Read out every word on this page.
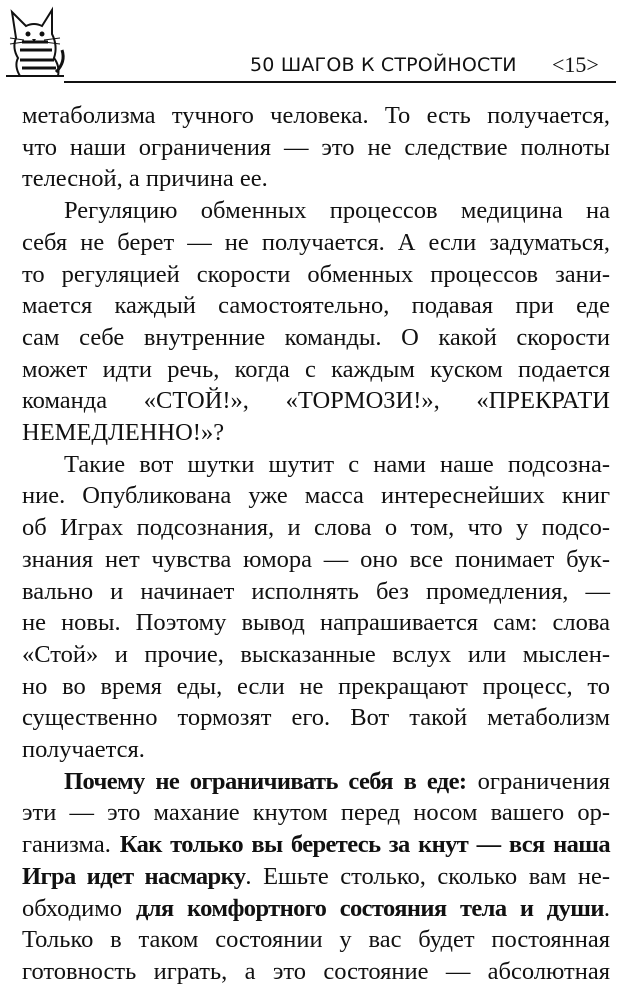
50 ШАГОВ К СТРОЙНОСТИ <15>
метаболизма тучного человека. То есть получается,
что наши ограничения — это не следствие полноты
телесной, а причина ее.
Регуляцию обменных процессов медицина на
себя не берет — не получается. А если задуматься,
то регуляцией скорости обменных процессов зани-
мается каждый самостоятельно, подавая при еде
сам себе внутренние команды. О какой скорости
может идти речь, когда с каждым куском подается
команда «СТОЙ!», «ТОРМОЗИ!», «ПРЕКРАТИ
НЕМЕДЛЕННО!»?
Такие вот шутки шутит с нами наше подсозна-
ние. Опубликована уже масса интереснейших книг
об Играх подсознания, и слова о том, что у подсо-
знания нет чувства юмора — оно все понимает бук-
вально и начинает исполнять без промедления, —
не новы. Поэтому вывод напрашивается сам: слова
«Стой» и прочие, высказанные вслух или мыслен-
но во время еды, если не прекращают процесс, то
существенно тормозят его. Вот такой метаболизм
получается.
Почему не ограничивать себя в еде: ограничения
эти — это махание кнутом перед носом вашего ор-
ганизма. Как только вы беретесь за кнут — вся наша
Игра идет насмарку. Ешьте столько, сколько вам не-
обходимо для комфортного состояния тела и души.
Только в таком состоянии у вас будет постоянная
готовность играть, а это состояние — абсолютная
